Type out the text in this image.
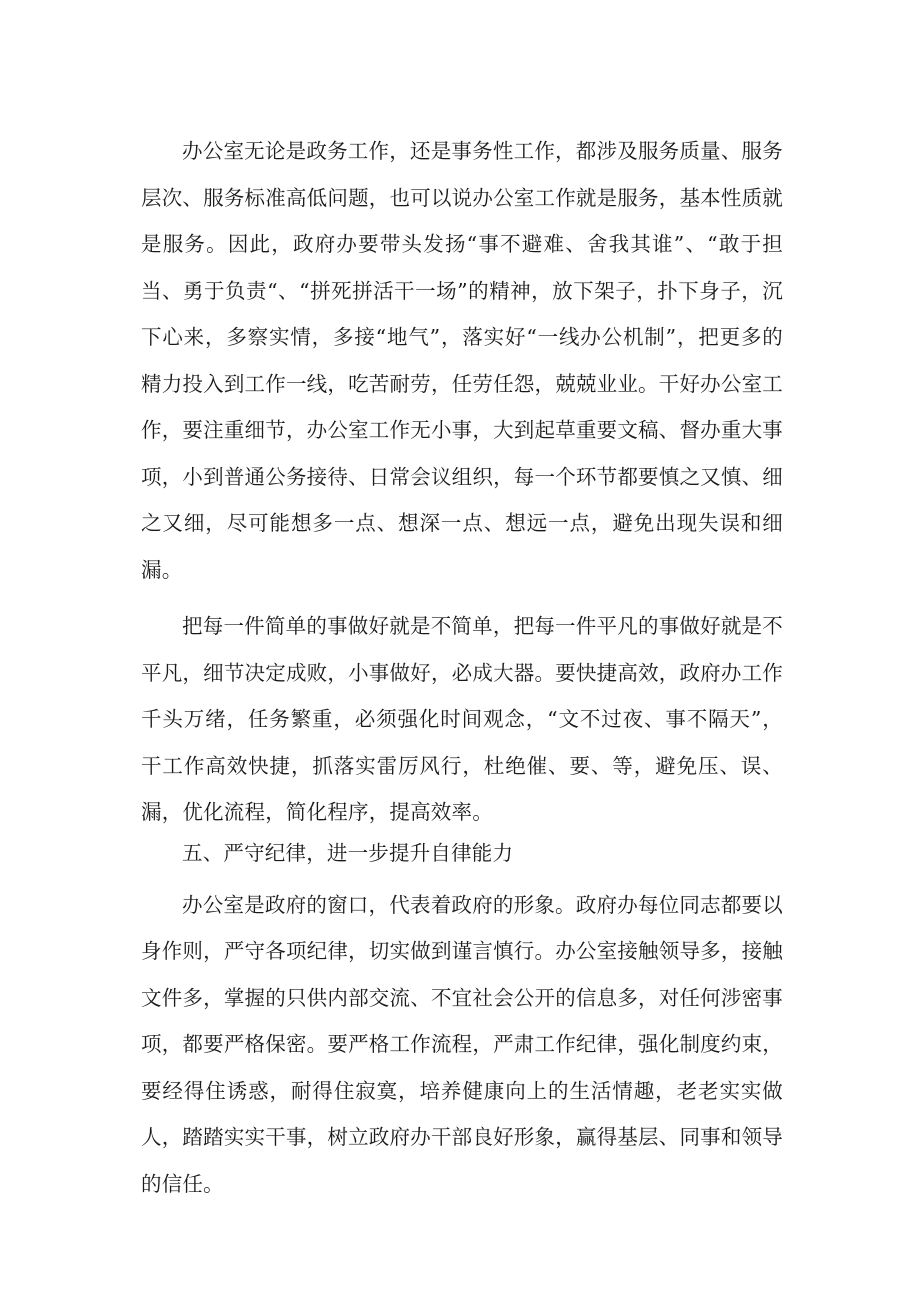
办公室无论是政务工作，还是事务性工作，都涉及服务质量、服务层次、服务标准高低问题，也可以说办公室工作就是服务，基本性质就是服务。因此，政府办要带头发扬“事不避难、舍我其谁”、“敢于担当、勇于负责“、“拼死拼活干一场”的精神，放下架子，扑下身子，沉下心来，多察实情，多接“地气”，落实好“一线办公机制”，把更多的精力投入到工作一线，吃苦耐劳，任劳任怨，兢兢业业。干好办公室工作，要注重细节，办公室工作无小事，大到起草重要文稿、督办重大事项，小到普通公务接待、日常会议组织，每一个环节都要慎之又慎、细之又细，尽可能想多一点、想深一点、想远一点，避免出现失误和细漏。

把每一件简单的事做好就是不简单，把每一件平凡的事做好就是不平凡，细节决定成败，小事做好，必成大器。要快捷高效，政府办工作千头万绪，任务繁重，必须强化时间观念，“文不过夜、事不隔天”，干工作高效快捷，抓落实雷厉风行，杜绝催、要、等，避免压、误、漏，优化流程，简化程序，提高效率。

五、严守纪律，进一步提升自律能力

办公室是政府的窗口，代表着政府的形象。政府办每位同志都要以身作则，严守各项纪律，切实做到谨言慎行。办公室接触领导多，接触文件多，掌握的只供内部交流、不宜社会公开的信息多，对任何涉密事项，都要严格保密。要严格工作流程，严肃工作纪律，强化制度约束，要经得住诱惑，耐得住寂寞，培养健康向上的生活情趣，老老实实做人，踏踏实实干事，树立政府办干部良好形象，赢得基层、同事和领导的信任。
